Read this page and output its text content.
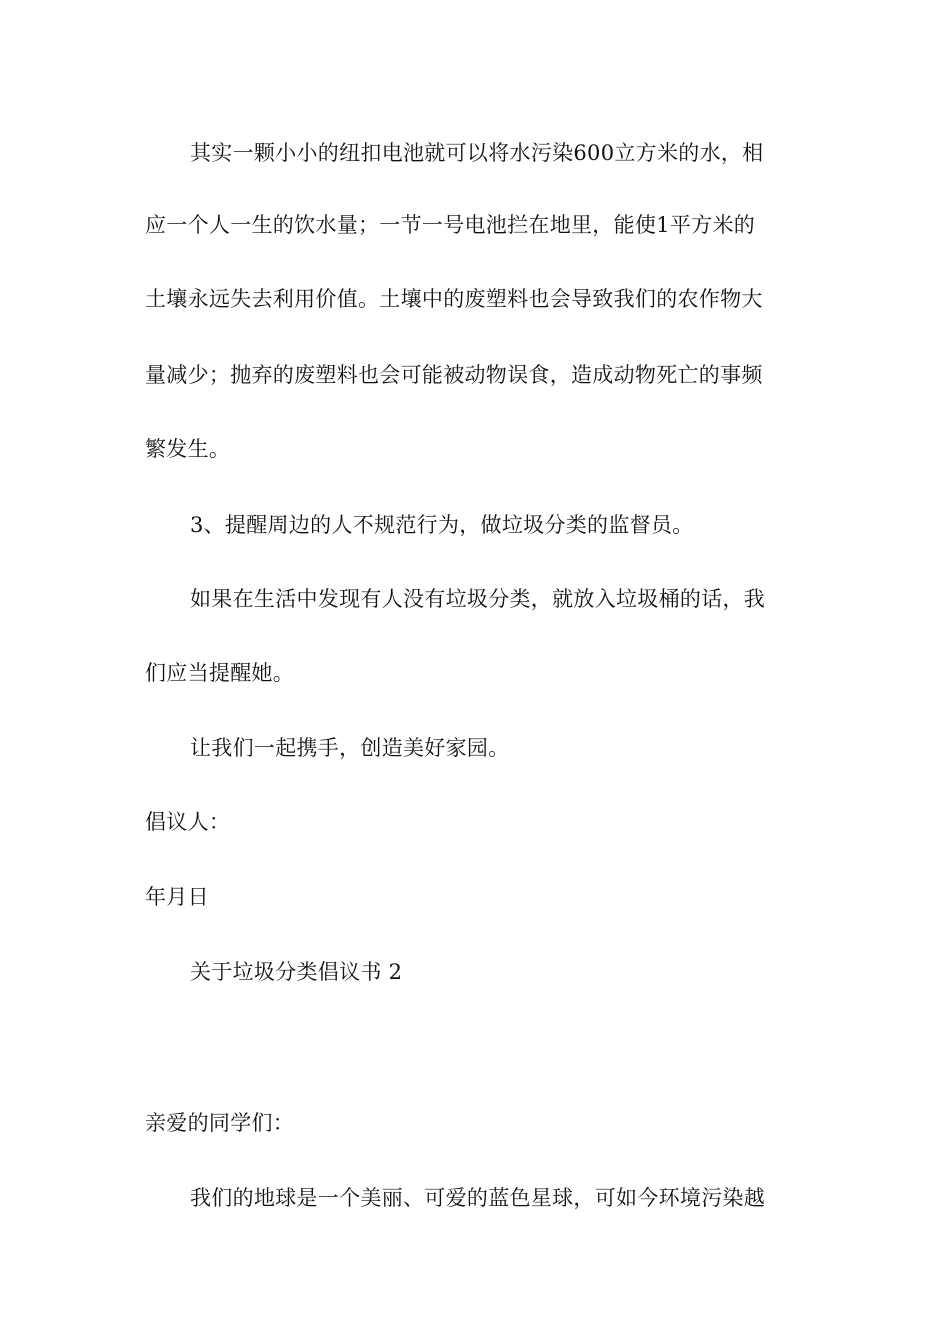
其实一颗小小的纽扣电池就可以将水污染600立方米的水，相
应一个人一生的饮水量；一节一号电池拦在地里，能使1平方米的
土壤永远失去利用价值。土壤中的废塑料也会导致我们的农作物大
量减少；抛弃的废塑料也会可能被动物误食，造成动物死亡的事频
繁发生。
3、提醒周边的人不规范行为，做垃圾分类的监督员。
如果在生活中发现有人没有垃圾分类，就放入垃圾桶的话，我
们应当提醒她。
让我们一起携手，创造美好家园。
倡议人：
年月日
关于垃圾分类倡议书 2
亲爱的同学们：
我们的地球是一个美丽、可爱的蓝色星球，可如今环境污染越
